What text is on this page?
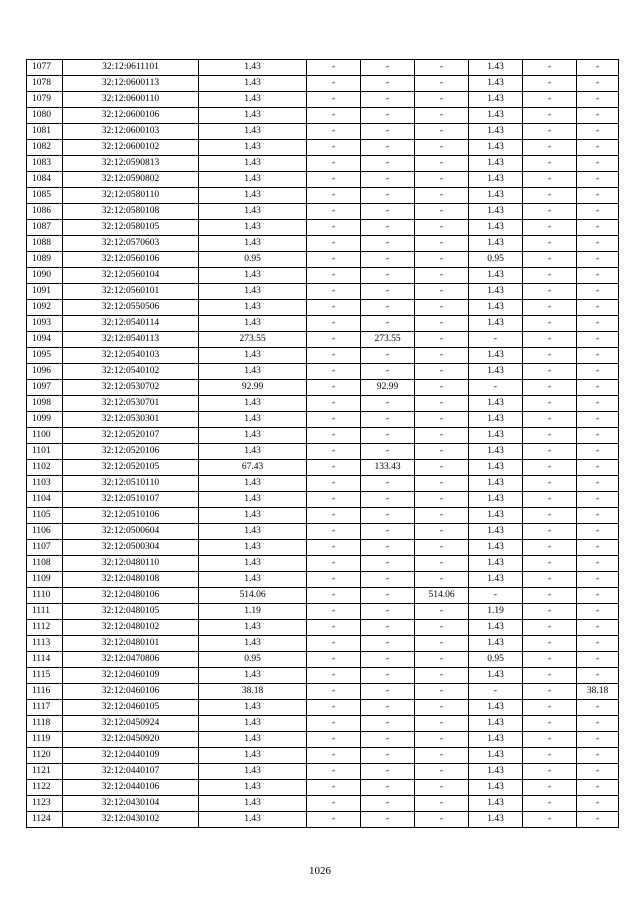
1077	32:12:0611101	1.43	-	-	-	1.43	-	-
1078	32:12:0600113	1.43	-	-	-	1.43	-	-
1079	32:12:0600110	1.43	-	-	-	1.43	-	-
1080	32:12:0600106	1.43	-	-	-	1.43	-	-
1081	32:12:0600103	1.43	-	-	-	1.43	-	-
1082	32:12:0600102	1.43	-	-	-	1.43	-	-
1083	32:12:0590813	1.43	-	-	-	1.43	-	-
1084	32:12:0590802	1.43	-	-	-	1.43	-	-
1085	32:12:0580110	1.43	-	-	-	1.43	-	-
1086	32:12:0580108	1.43	-	-	-	1.43	-	-
1087	32:12:0580105	1.43	-	-	-	1.43	-	-
1088	32:12:0570603	1.43	-	-	-	1.43	-	-
1089	32:12:0560106	0.95	-	-	-	0.95	-	-
1090	32:12:0560104	1.43	-	-	-	1.43	-	-
1091	32:12:0560101	1.43	-	-	-	1.43	-	-
1092	32:12:0550506	1.43	-	-	-	1.43	-	-
1093	32:12:0540114	1.43	-	-	-	1.43	-	-
1094	32:12:0540113	273.55	-	273.55	-	-	-	-
1095	32:12:0540103	1.43	-	-	-	1.43	-	-
1096	32:12:0540102	1.43	-	-	-	1.43	-	-
1097	32:12:0530702	92.99	-	92.99	-	-	-	-
1098	32:12:0530701	1.43	-	-	-	1.43	-	-
1099	32:12:0530301	1.43	-	-	-	1.43	-	-
1100	32:12:0520107	1.43	-	-	-	1.43	-	-
1101	32:12:0520106	1.43	-	-	-	1.43	-	-
1102	32:12:0520105	67.43	-	133.43	-	1.43	-	-
1103	32:12:0510110	1.43	-	-	-	1.43	-	-
1104	32:12:0510107	1.43	-	-	-	1.43	-	-
1105	32:12:0510106	1.43	-	-	-	1.43	-	-
1106	32:12:0500604	1.43	-	-	-	1.43	-	-
1107	32:12:0500304	1.43	-	-	-	1.43	-	-
1108	32:12:0480110	1.43	-	-	-	1.43	-	-
1109	32:12:0480108	1.43	-	-	-	1.43	-	-
1110	32:12:0480106	514.06	-	-	514.06	-	-	-
1111	32:12:0480105	1.19	-	-	-	1.19	-	-
1112	32:12:0480102	1.43	-	-	-	1.43	-	-
1113	32:12:0480101	1.43	-	-	-	1.43	-	-
1114	32:12:0470806	0.95	-	-	-	0.95	-	-
1115	32:12:0460109	1.43	-	-	-	1.43	-	-
1116	32:12:0460106	38.18	-	-	-	-	-	38.18
1117	32:12:0460105	1.43	-	-	-	1.43	-	-
1118	32:12:0450924	1.43	-	-	-	1.43	-	-
1119	32:12:0450920	1.43	-	-	-	1.43	-	-
1120	32:12:0440109	1.43	-	-	-	1.43	-	-
1121	32:12:0440107	1.43	-	-	-	1.43	-	-
1122	32:12:0440106	1.43	-	-	-	1.43	-	-
1123	32:12:0430104	1.43	-	-	-	1.43	-	-
1124	32:12:0430102	1.43	-	-	-	1.43	-	-
1026
